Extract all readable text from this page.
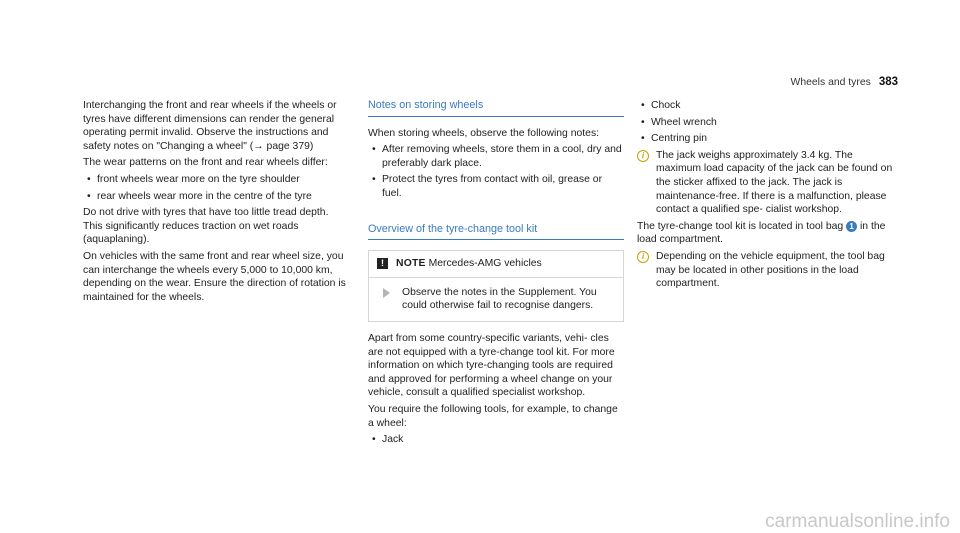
Wheels and tyres 383

Interchanging the front and rear wheels if the wheels or tyres have different dimensions can render the general operating permit invalid. Observe the instructions and safety notes on "Changing a wheel" (→ page 379)

The wear patterns on the front and rear wheels differ:

• front wheels wear more on the tyre shoulder
• rear wheels wear more in the centre of the tyre

Do not drive with tyres that have too little tread depth. This significantly reduces traction on wet roads (aquaplaning).

On vehicles with the same front and rear wheel size, you can interchange the wheels every 5,000 to 10,000 km, depending on the wear. Ensure the direction of rotation is maintained for the wheels.

Notes on storing wheels

When storing wheels, observe the following notes:

• After removing wheels, store them in a cool, dry and preferably dark place.
• Protect the tyres from contact with oil, grease or fuel.
Overview of the tyre-change tool kit
!	NOTE Mercedes-AMG vehicles
Observe the notes in the Supplement. You could otherwise fail to recognise dangers.

Apart from some country-specific variants, vehi- cles are not equipped with a tyre-change tool kit. For more information on which tyre-changing tools are required and approved for performing a wheel change on your vehicle, consult a qualified specialist workshop.

You require the following tools, for example, to change a wheel:

• Jack
• Chock
• Wheel wrench
• Centring pin
i	The jack weighs approximately 3.4 kg. The maximum load capacity of the jack can be found on the sticker affixed to the jack. The jack is maintenance-free. If there is a malfunction, please contact a qualified spe- cialist workshop.

The tyre-change tool kit is located in tool bag 1 in the load compartment.

i	Depending on the vehicle equipment, the tool bag may be located in other positions in the load compartment.
carmanualsonline.info
